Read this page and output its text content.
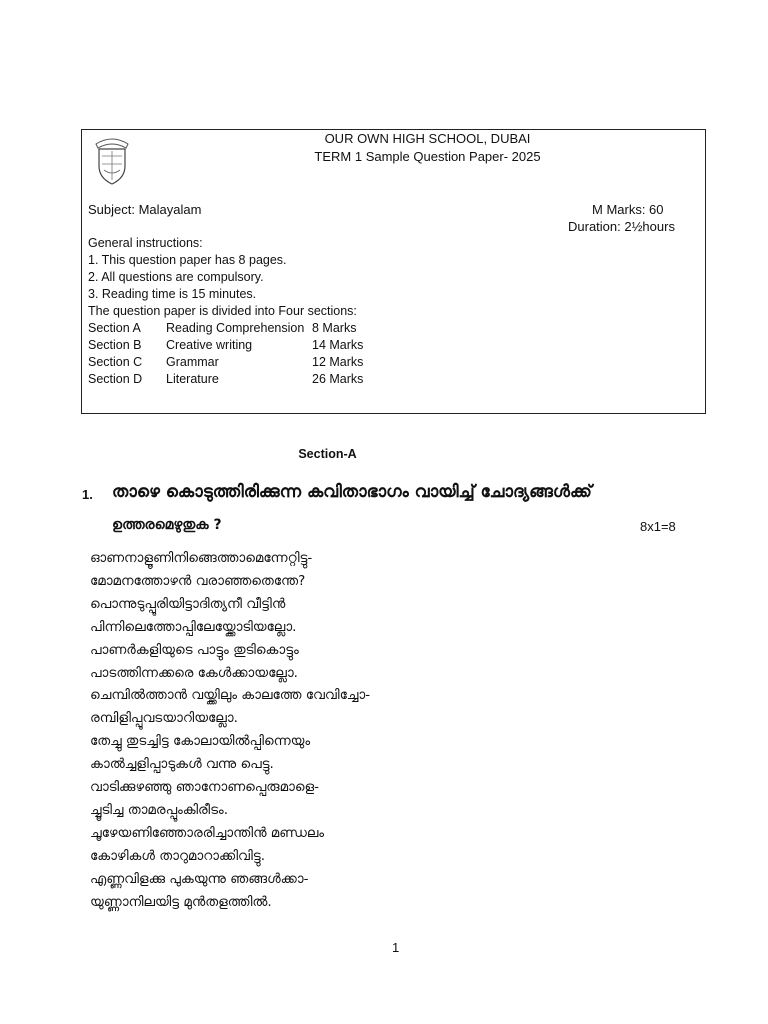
OUR OWN HIGH SCHOOL, DUBAI
TERM 1 Sample Question Paper- 2025
Subject: Malayalam	M Marks: 60
Duration: 2½hours
General instructions:
1. This question paper has 8 pages.
2. All questions are compulsory.
3. Reading time is 15 minutes.
The question paper is divided into Four sections:
Section A	Reading Comprehension	8 Marks
Section B	Creative writing	14 Marks
Section C	Grammar	12 Marks
Section D	Literature	26 Marks
Section-A
1. താഴെ കൊടുത്തിരിക്കുന്ന കവിതാഭാഗം വായിച്ച് ചോദ്യങ്ങൾക്ക്
ഉത്തരമെഴുതുക ?	8x1=8
ഓണനാളൂണിനിങ്ങെത്താമെന്നേറ്റിട്ടു-
മോമനത്തോഴൻ വരാഞ്ഞതെന്തേ?
പൊന്നുടുപ്പൂരിയിട്ടാദിത്യനീ വീട്ടിൻ
പിന്നിലെത്തോപ്പിലേയ്ക്കോടിയല്ലോ.
പാണർകളിയുടെ പാട്ടും തുടികൊട്ടും
പാടത്തിന്നക്കരെ കേൾക്കായല്ലോ.
ചെമ്പിൽത്താൻ വയ്ക്കിലും കാലത്തേ വേവിച്ചോ-
രമ്പിളിപ്പൂവടയാറിയല്ലോ.
തേച്ചു തുടച്ചിട്ട കോലായിൽപ്പിന്നെയും
കാൽച്ചളിപ്പാടുകൾ വന്നു പെട്ടു.
വാടിക്കുഴഞ്ഞു ഞാനോണപ്പെരുമാളെ-
ച്ചൂടിച്ച താമരപ്പൂംകിരീടം.
ചൂഴേയണിഞ്ഞോരരിച്ചാന്തിൻ മണ്ഡലം
കോഴികൾ താറുമാറാക്കിവിട്ടു.
എണ്ണവിളക്കു പുകയുന്നു ഞങ്ങൾക്കാ-
യുണ്ണാനിലയിട്ട മുൻതളത്തിൽ.
1
